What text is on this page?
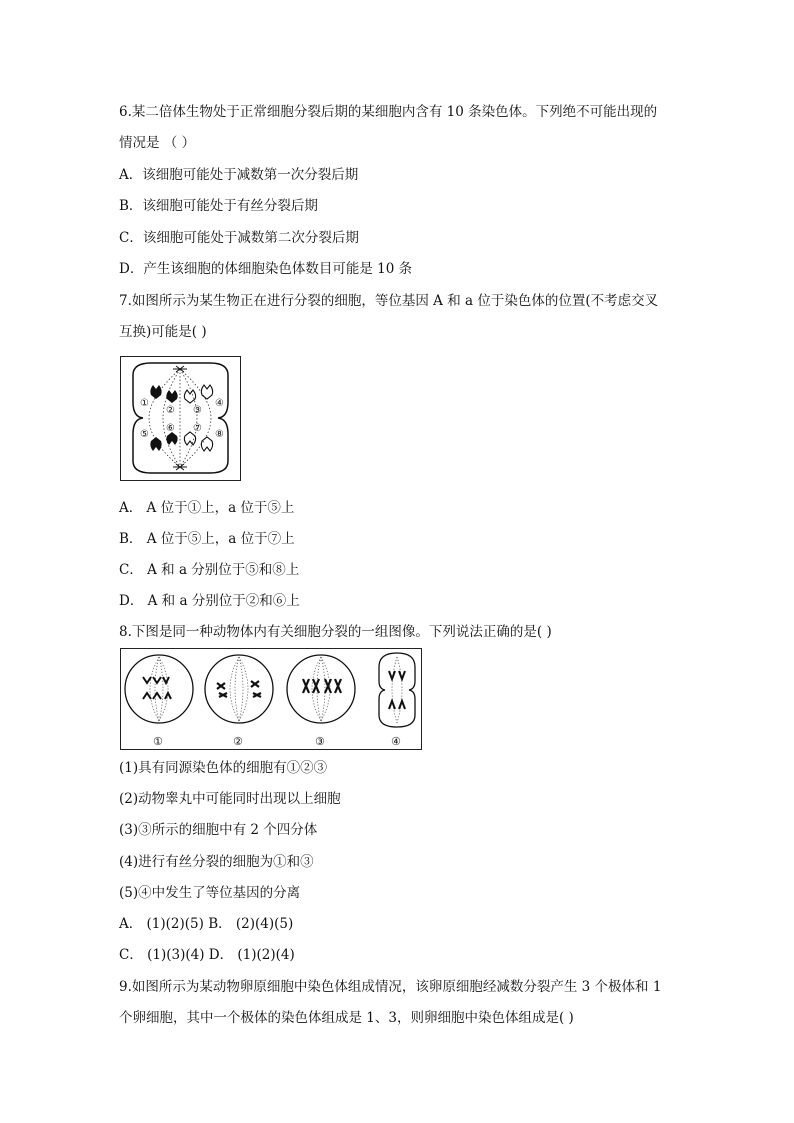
6.某二倍体生物处于正常细胞分裂后期的某细胞内含有 10 条染色体。下列绝不可能出现的
情况是 （ ）
A．该细胞可能处于减数第一次分裂后期
B．该细胞可能处于有丝分裂后期
C．该细胞可能处于减数第二次分裂后期
D．产生该细胞的体细胞染色体数目可能是 10 条
7.如图所示为某生物正在进行分裂的细胞，等位基因 A 和 a 位于染色体的位置(不考虑交叉
互换)可能是( )
①
② ③
④
⑤
⑥ ⑦
⑧
A． A 位于①上，a 位于⑤上
B． A 位于⑤上，a 位于⑦上
C． A 和 a 分别位于⑤和⑧上
D． A 和 a 分别位于②和⑥上
8.下图是同一种动物体内有关细胞分裂的一组图像。下列说法正确的是( )
①	②	③	④
(1)具有同源染色体的细胞有①②③
(2)动物睾丸中可能同时出现以上细胞
(3)③所示的细胞中有 2 个四分体
(4)进行有丝分裂的细胞为①和③
(5)④中发生了等位基因的分离
A． (1)(2)(5) B． (2)(4)(5)
C． (1)(3)(4) D． (1)(2)(4)
9.如图所示为某动物卵原细胞中染色体组成情况，该卵原细胞经减数分裂产生 3 个极体和 1
个卵细胞，其中一个极体的染色体组成是 1、3，则卵细胞中染色体组成是( )
